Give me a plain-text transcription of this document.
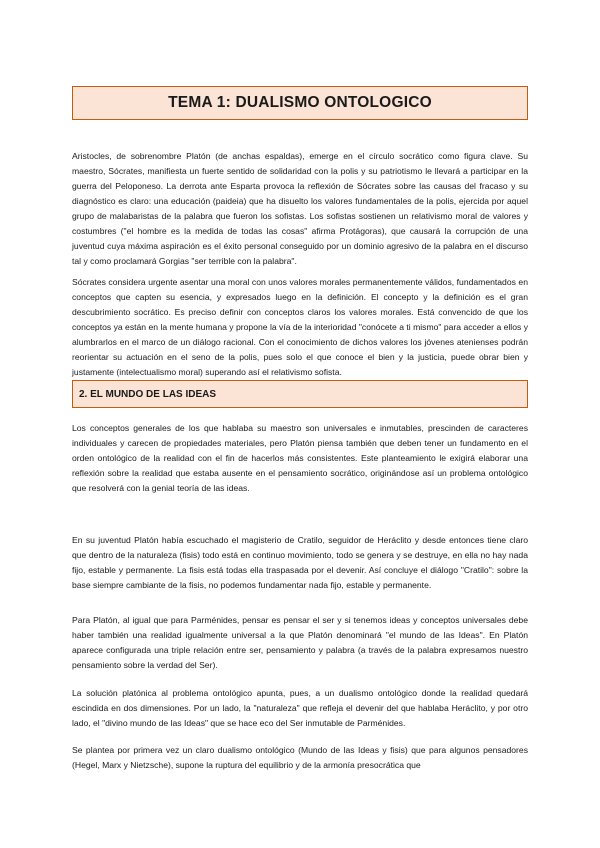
TEMA 1: DUALISMO ONTOLOGICO

Aristocles, de sobrenombre Platón (de anchas espaldas), emerge en el círculo socrático como figura clave. Su maestro, Sócrates, manifiesta un fuerte sentido de solidaridad con la polis y su patriotismo le llevará a participar en la guerra del Peloponeso. La derrota ante Esparta provoca la reflexión de Sócrates sobre las causas del fracaso y su diagnóstico es claro: una educación (paideia) que ha disuelto los valores fundamentales de la polis, ejercida por aquel grupo de malabaristas de la palabra que fueron los sofistas. Los sofistas sostienen un relativismo moral de valores y costumbres ("el hombre es la medida de todas las cosas" afirma Protágoras), que causará la corrupción de una juventud cuya máxima aspiración es el éxito personal conseguido por un dominio agresivo de la palabra en el discurso tal y como proclamará Gorgias "ser terrible con la palabra".

Sócrates considera urgente asentar una moral con unos valores morales permanentemente válidos, fundamentados en conceptos que capten su esencia, y expresados luego en la definición. El concepto y la definición es el gran descubrimiento socrático. Es preciso definir con conceptos claros los valores morales. Está convencido de que los conceptos ya están en la mente humana y propone la vía de la interioridad "conócete a ti mismo" para acceder a ellos y alumbrarlos en el marco de un diálogo racional. Con el conocimiento de dichos valores los jóvenes atenienses podrán reorientar su actuación en el seno de la polis, pues solo el que conoce el bien y la justicia, puede obrar bien y justamente (intelectualismo moral) superando así el relativismo sofista.

2. EL MUNDO DE LAS IDEAS

Los conceptos generales de los que hablaba su maestro son universales e inmutables, prescinden de caracteres individuales y carecen de propiedades materiales, pero Platón piensa también que deben tener un fundamento en el orden ontológico de la realidad con el fin de hacerlos más consistentes. Este planteamiento le exigirá elaborar una reflexión sobre la realidad que estaba ausente en el pensamiento socrático, originándose así un problema ontológico que resolverá con la genial teoría de las ideas.

En su juventud Platón había escuchado el magisterio de Cratilo, seguidor de Heráclito y desde entonces tiene claro que dentro de la naturaleza (fisis) todo está en continuo movimiento, todo se genera y se destruye, en ella no hay nada fijo, estable y permanente. La fisis está todas ella traspasada por el devenir. Así concluye el diálogo "Cratilo": sobre la base siempre cambiante de la fisis, no podemos fundamentar nada fijo, estable y permanente.

Para Platón, al igual que para Parménides, pensar es pensar el ser y si tenemos ideas y conceptos universales debe haber también una realidad igualmente universal a la que Platón denominará "el mundo de las Ideas". En Platón aparece configurada una triple relación entre ser, pensamiento y palabra (a través de la palabra expresamos nuestro pensamiento sobre la verdad del Ser).

La solución platónica al problema ontológico apunta, pues, a un dualismo ontológico donde la realidad quedará escindida en dos dimensiones. Por un lado, la "naturaleza" que refleja el devenir del que hablaba Heráclito, y por otro lado, el "divino mundo de las Ideas" que se hace eco del Ser inmutable de Parménides.

Se plantea por primera vez un claro dualismo ontológico (Mundo de las Ideas y fisis) que para algunos pensadores (Hegel, Marx y Nietzsche), supone la ruptura del equilibrio y de la armonía presocrática que
